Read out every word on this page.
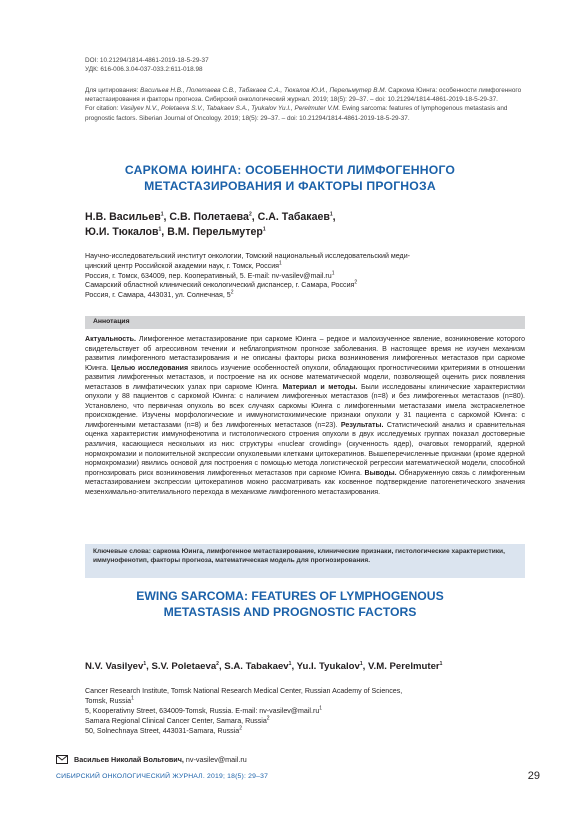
DOI: 10.21294/1814-4861-2019-18-5-29-37
УДК: 616-006.3.04-037-033.2:611-018.98

Для цитирования: Васильев Н.В., Полетаева С.В., Табакаев С.А., Тюкалов Ю.И., Перельмутер В.М. Саркома Юинга: особенности лимфогенного метастазирования и факторы прогноза. Сибирский онкологический журнал. 2019; 18(5): 29–37. – doi: 10.21294/1814-4861-2019-18-5-29-37.

For citation: Vasilyev N.V., Poletaeva S.V., Tabakaev S.A., Tyukalov Yu.I., Perelmuter V.M. Ewing sarcoma: features of lymphogenous metastasis and prognostic factors. Siberian Journal of Oncology. 2019; 18(5): 29–37. – doi: 10.21294/1814-4861-2019-18-5-29-37.

САРКОМА ЮИНГА: ОСОБЕННОСТИ ЛИМФОГЕННОГО
МЕТАСТАЗИРОВАНИЯ И ФАКТОРЫ ПРОГНОЗА
Н.В. Васильев$^1$, С.В. Полетаева$^2$, С.А. Табакаев$^1$,
Ю.И. Тюкалов$^1$, В.М. Перельмутер$^1$

Научно-исследовательский институт онкологии, Томский национальный исследовательский меди-

цинский центр Российской академии наук, г. Томск, Россия$^1$

Россия, г. Томск, 634009, пер. Кооперативный, 5. E-mail: $nv-vasilev@mail.ru^1$

Самарский областной клинический онкологический диспансер, г. Самара, Россия$^2$

Россия, г. Самара, 443031, ул. Солнечная, $5^2$

Аннотация
Актуальность. Лимфогенное метастазирование при саркоме Юинга – редкое и малоизученное явление, возникновение которого свидетельствует об агрессивном течении и неблагоприятном прогнозе заболевания. В настоящее время не изучен механизм развития лимфогенного метастазирования и не описаны факторы риска возникновения лимфогенных метастазов при саркоме Юинга. Целью исследования явилось изучение особенностей опухоли, обладающих прогностическими критериями в отношении развития лимфогенных метастазов, и построение на их основе математической модели, позволяющей оценить риск появления метастазов в лимфатических узлах при саркоме Юинга. Материал и методы. Были исследованы клинические характеристики опухоли у 88 пациентов с саркомой Юинга: с наличием лимфогенных метастазов (n=8) и без лимфогенных метастазов (n=80). Установлено, что первичная опухоль во всех случаях саркомы Юинга с лимфогенными метастазами имела экстраскелетное происхождение. Изучены морфологические и иммуногистохимические признаки опухоли у 31 пациента с саркомой Юинга: с лимфогенными метастазами (n=8) и без лимфогенных метастазов (n=23). Результаты. Статистический анализ и сравнительная оценка характеристик иммунофенотипа и гистологического строения опухоли в двух исследуемых группах показал достоверные различия, касающиеся нескольких из них: структуры «nuclear crowding» (скученность ядер), очаговых геморрагий, ядерной нормохромазии и положительной экспрессии опухолевыми клетками цитокератинов. Вышеперечисленные признаки (кроме ядерной нормохромазии) явились основой для построения с помощью метода логистической регрессии математической модели, способной прогнозировать риск возникновения лимфогенных метастазов при саркоме Юинга. Выводы. Обнаруженную связь с лимфогенным метастазированием экспрессии цитокератинов можно рассматривать как косвенное подтверждение патогенетического значения мезенхимально-эпителиального перехода в механизме лимфогенного метастазирования.
Ключевые слова: саркома Юинга, лимфогенное метастазирование, клинические признаки, гистологические характеристики, иммунофенотип, факторы прогноза, математическая модель для прогнозирования.
EWING SARCOMA: FEATURES OF LYMPHOGENOUS
METASTASIS AND PROGNOSTIC FACTORS
N.V. Vasilyev$^1$, S.V. Poletaeva$^2$, S.A. Tabakaev$^1$, Yu.I. Tyukalov$^1$, V.M. Perelmuter$^1$

Cancer Research Institute, Tomsk National Research Medical Center, Russian Academy of Sciences,

Tomsk, Russia$^1$

5, Kooperativny Street, 634009-Tomsk, Russia. E-mail: $nv-vasilev@mail.ru^1$

Samara Regional Clinical Cancer Center, Samara, Russia$^2$

50, Solnechnaya Street, 443031-Samara, Russia$^2$

Васильев Николай Вольтович, nv-vasilev@mail.ru
СИБИРСКИЙ ОНКОЛОГИЧЕСКИЙ ЖУРНАЛ. 2019; 18(5): 29–37	29
